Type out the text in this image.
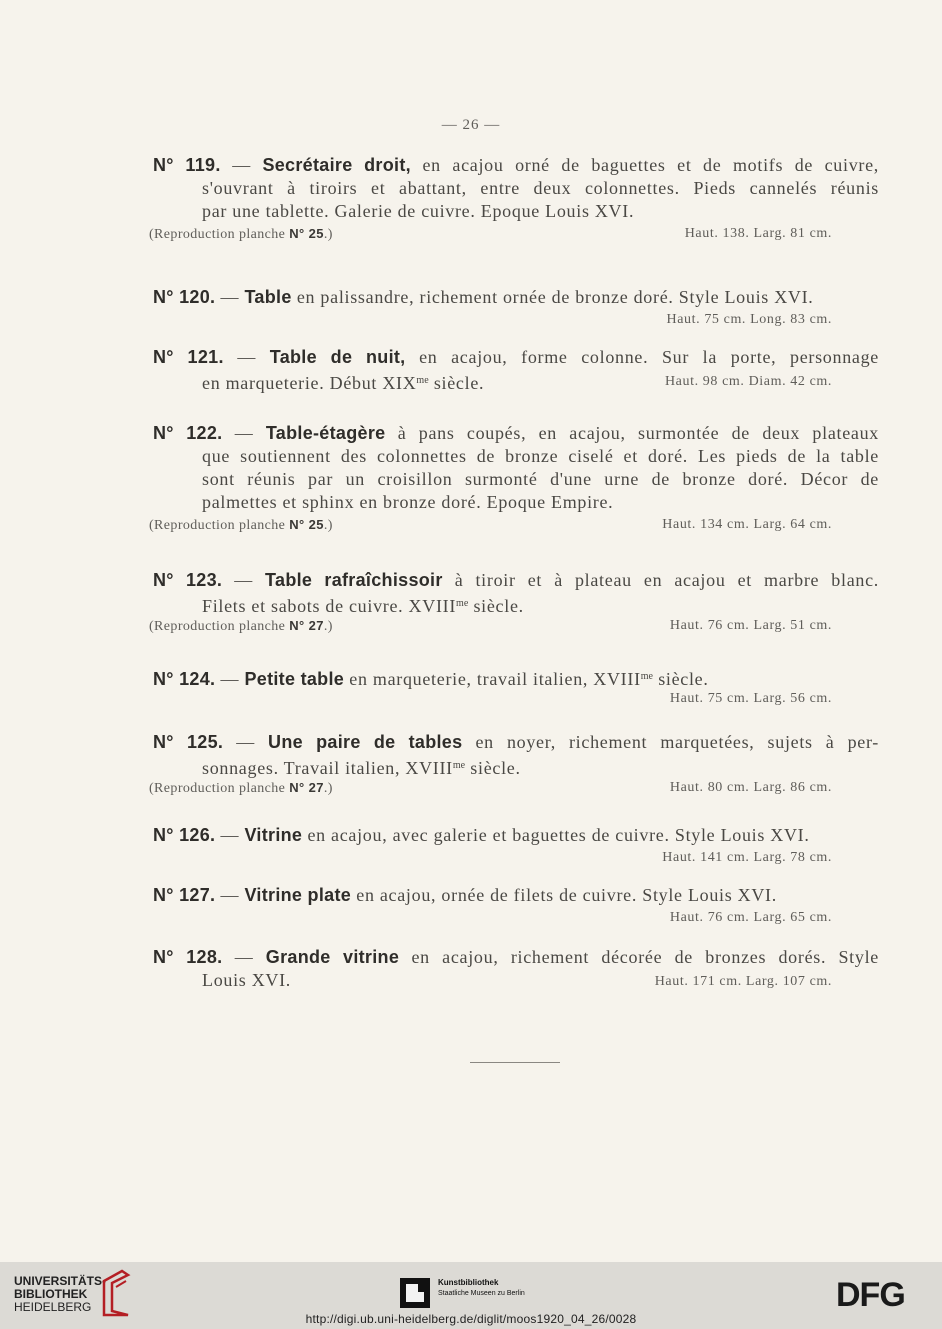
— 26 —
N° 119. — Secrétaire droit, en acajou orné de baguettes et de motifs de cuivre,
s'ouvrant à tiroirs et abattant, entre deux colonnettes. Pieds cannelés réunis
par une tablette. Galerie de cuivre. Epoque Louis XVI.
(Reproduction planche N° 25.)	Haut. 138. Larg. 81 cm.
N° 120. — Table en palissandre, richement ornée de bronze doré. Style Louis XVI.
Haut. 75 cm. Long. 83 cm.
N° 121. — Table de nuit, en acajou, forme colonne. Sur la porte, personnage
en marqueterie. Début $XIX^{me}$ siècle.	Haut. 98 cm. Diam. 42 cm.
N° 122. — Table-étagère à pans coupés, en acajou, surmontée de deux plateaux
que soutiennent des colonnettes de bronze ciselé et doré. Les pieds de la table
sont réunis par un croisillon surmonté d'une urne de bronze doré. Décor de
palmettes et sphinx en bronze doré. Epoque Empire.
(Reproduction planche N° 25.)	Haut. 134 cm. Larg. 64 cm.
N° 123. — Table rafraîchissoir à tiroir et à plateau en acajou et marbre blanc.
Filets et sabots de cuivre. $XVIII^{me}$ siècle.
(Reproduction planche N° 27.)	Haut. 76 cm. Larg. 51 cm.
N° 124. — Petite table en marqueterie, travail italien, $XVIII^{me}$ siècle.
Haut. 75 cm. Larg. 56 cm.
N° 125. — Une paire de tables en noyer, richement marquetées, sujets à per-
sonnages. Travail italien, $XVIII^{me}$ siècle.
(Reproduction planche N° 27.)	Haut. 80 cm. Larg. 86 cm.
N° 126. — Vitrine en acajou, avec galerie et baguettes de cuivre. Style Louis XVI.
Haut. 141 cm. Larg. 78 cm.
N° 127. — Vitrine plate en acajou, ornée de filets de cuivre. Style Louis XVI.
Haut. 76 cm. Larg. 65 cm.
N° 128. — Grande vitrine en acajou, richement décorée de bronzes dorés. Style
Louis XVI.	Haut. 171 cm. Larg. 107 cm.
UNIVERSITÄTS-
BIBLIOTHEK
HEIDELBERG
Kunstbibliothek
Staatliche Museen zu Berlin	DFG
http://digi.ub.uni-heidelberg.de/diglit/moos1920_04_26/0028
